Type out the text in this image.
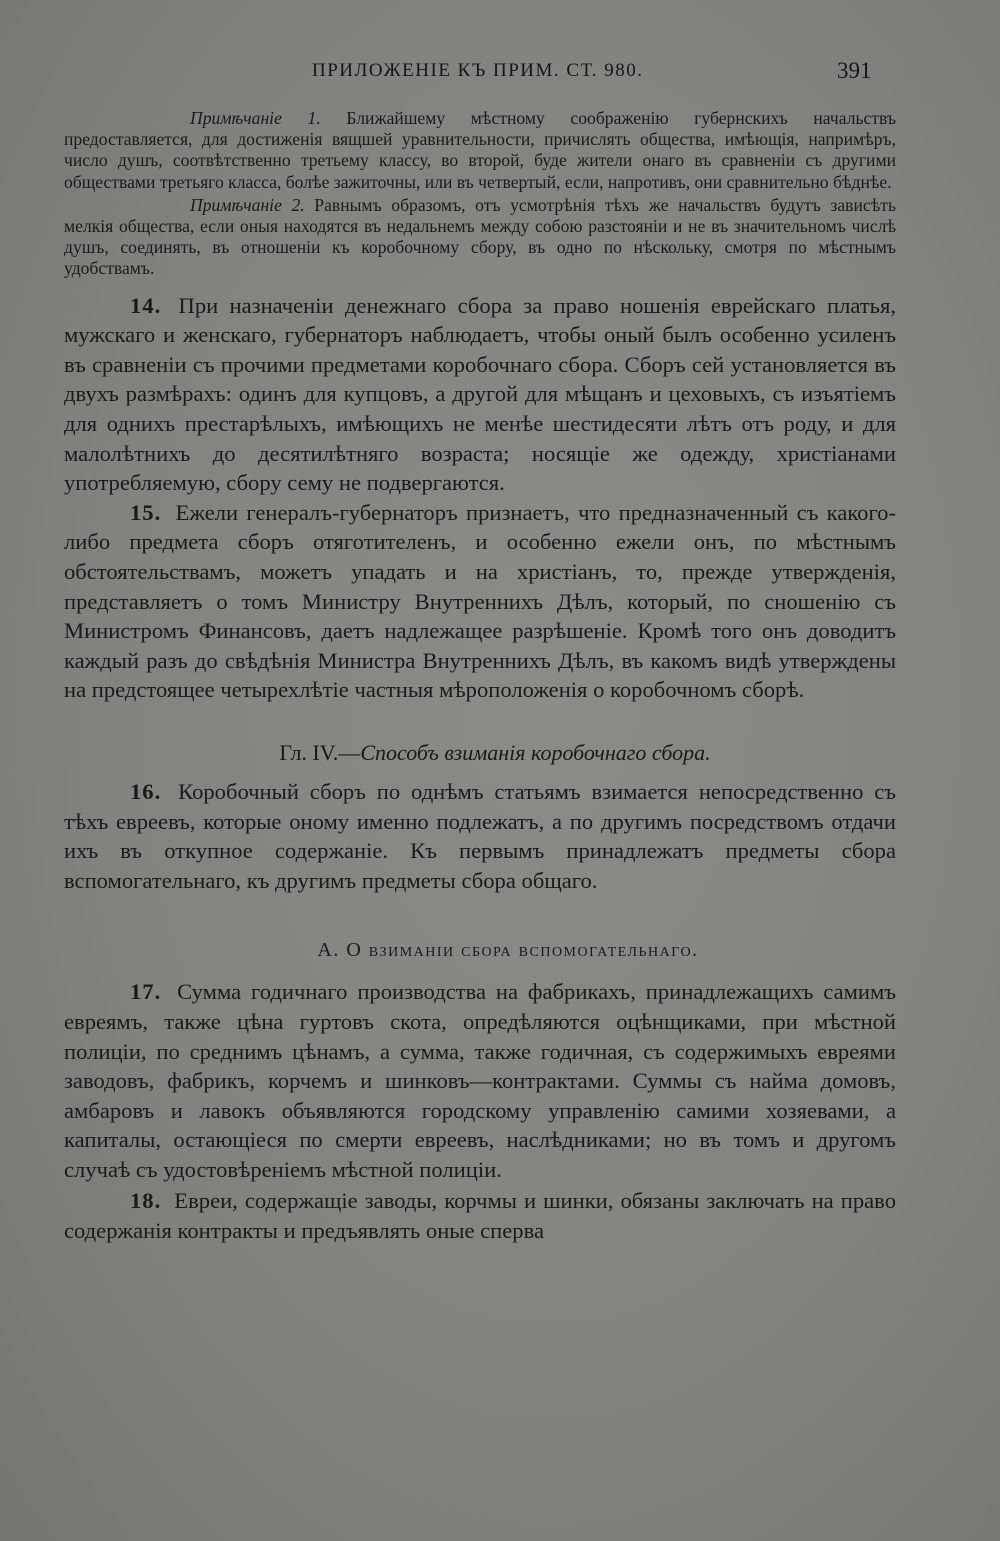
ПРИЛОЖЕНІЕ КЪ ПРИМ. СТ. 980.	391

Примѣчаніе 1. Ближайшему мѣстному соображенію губернскихъ начальствъ предоставляется, для достиженія вящшей уравнительности, причислять общества, имѣющія, напримѣръ, число душъ, соотвѣтственно третьему классу, во второй, буде жители онаго въ сравненіи съ другими обществами третьяго класса, болѣе зажиточны, или въ четвертый, если, напротивъ, они сравнительно бѣднѣе.

Примѣчаніе 2. Равнымъ образомъ, отъ усмотрѣнія тѣхъ же начальствъ будутъ зависѣть мелкія общества, если оныя находятся въ недальнемъ между собою разстояніи и не въ значительномъ числѣ душъ, соединять, въ отношеніи къ коробочному сбору, въ одно по нѣскольку, смотря по мѣстнымъ удобствамъ.

14. При назначеніи денежнаго сбора за право ношенія еврейскаго платья, мужскаго и женскаго, губернаторъ наблюдаетъ, чтобы оный былъ особенно усиленъ въ сравненіи съ прочими предметами коробочнаго сбора. Сборъ сей установляется въ двухъ размѣрахъ: одинъ для купцовъ, а другой для мѣщанъ и цеховыхъ, съ изъятіемъ для однихъ престарѣлыхъ, имѣющихъ не менѣе шестидесяти лѣтъ отъ роду, и для малолѣтнихъ до десятилѣтняго возраста; носящіе же одежду, христіанами употребляемую, сбору сему не подвергаются.

15. Ежели генералъ-губернаторъ признаетъ, что предназначенный съ какого-либо предмета сборъ отяготителенъ, и особенно ежели онъ, по мѣстнымъ обстоятельствамъ, можетъ упадать и на христіанъ, то, прежде утвержденія, представляетъ о томъ Министру Внутреннихъ Дѣлъ, который, по сношенію съ Министромъ Финансовъ, даетъ надлежащее разрѣшеніе. Кромѣ того онъ доводитъ каждый разъ до свѣдѣнія Министра Внутреннихъ Дѣлъ, въ какомъ видѣ утверждены на предстоящее четырехлѣтіе частныя мѣроположенія о коробочномъ сборѣ.

Гл. IV.—Способъ взиманія коробочнаго сбора.

16. Коробочный сборъ по однѣмъ статьямъ взимается непосредственно съ тѣхъ евреевъ, которые оному именно подлежатъ, а по другимъ посредствомъ отдачи ихъ въ откупное содержаніе. Къ первымъ принадлежатъ предметы сбора вспомогательнаго, къ другимъ предметы сбора общаго.

А. О взиманіи сбора вспомогательнаго.

17. Сумма годичнаго производства на фабрикахъ, принадлежащихъ самимъ евреямъ, также цѣна гуртовъ скота, опредѣляются оцѣнщиками, при мѣстной полиціи, по среднимъ цѣнамъ, а сумма, также годичная, съ содержимыхъ евреями заводовъ, фабрикъ, корчемъ и шинковъ—контрактами. Суммы съ найма домовъ, амбаровъ и лавокъ объявляются городскому управленію самими хозяевами, а капиталы, остающіеся по смерти евреевъ, наслѣдниками; но въ томъ и другомъ случаѣ съ удостовѣреніемъ мѣстной полиціи.

18. Евреи, содержащіе заводы, корчмы и шинки, обязаны заключать на право содержанія контракты и предъявлять оные сперва
